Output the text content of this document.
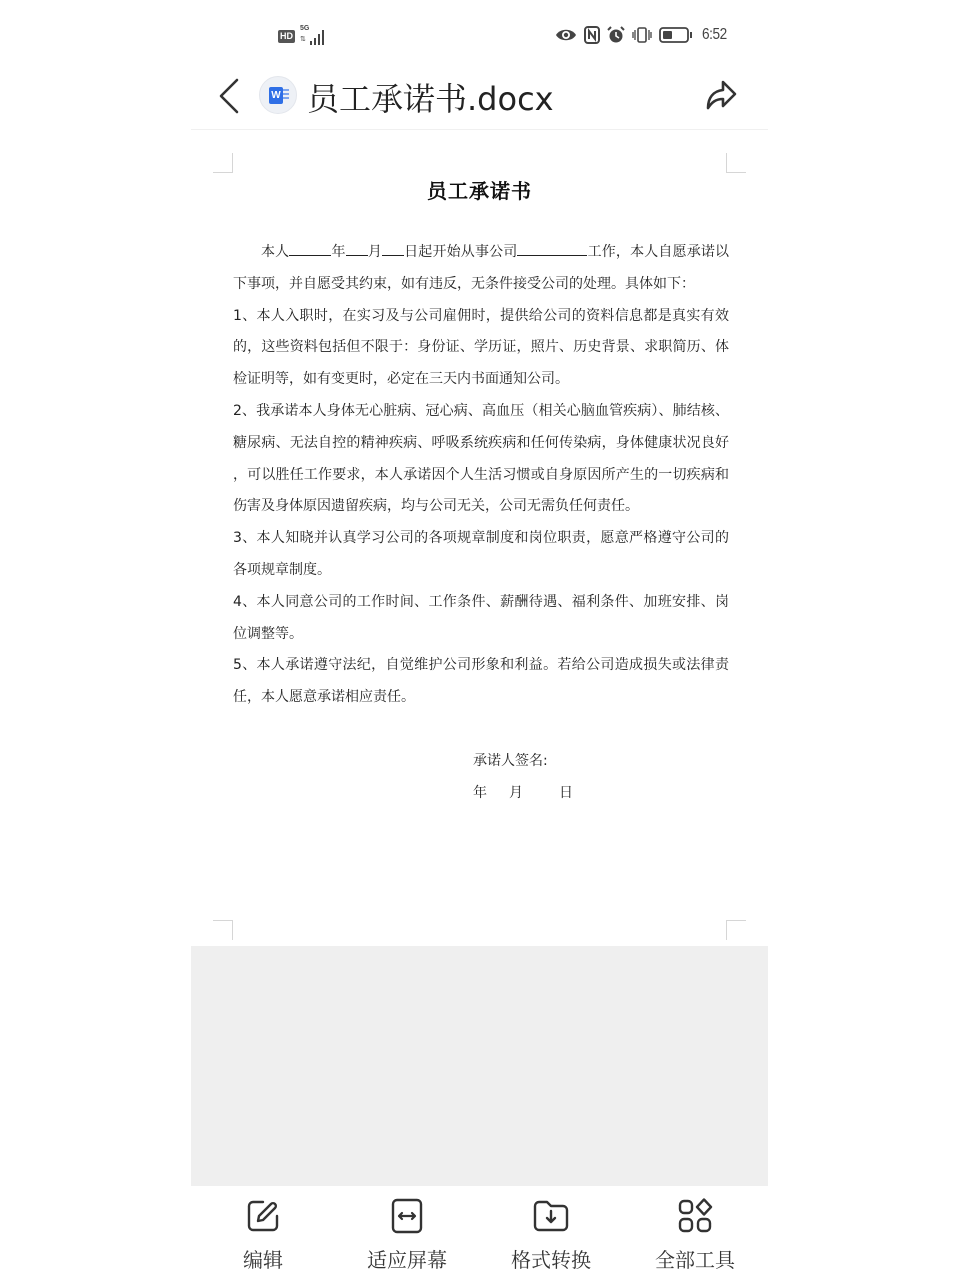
HD
5G
⇅	6:52
W 员工承诺书.docx
员工承诺书

本人	年 月 日起开始从事公司	工作，本人自愿承诺以下事项，并自愿受其约束，如有违反，无条件接受公司的处理。具体如下：

1、本人入职时，在实习及与公司雇佣时，提供给公司的资料信息都是真实有效的，这些资料包括但不限于：身份证、学历证，照片、历史背景、求职简历、体检证明等，如有变更时，必定在三天内书面通知公司。

2、我承诺本人身体无心脏病、冠心病、高血压（相关心脑血管疾病）、肺结核、糖尿病、无法自控的精神疾病、呼吸系统疾病和任何传染病，身体健康状况良好 ，可以胜任工作要求，本人承诺因个人生活习惯或自身原因所产生的一切疾病和伤害及身体原因遗留疾病，均与公司无关，公司无需负任何责任。

3、本人知晓并认真学习公司的各项规章制度和岗位职责，愿意严格遵守公司的各项规章制度。

4、本人同意公司的工作时间、工作条件、薪酬待遇、福利条件、加班安排、岗位调整等。

5、本人承诺遵守法纪，自觉维护公司形象和利益。若给公司造成损失或法律责任，本人愿意承诺相应责任。

承诺人签名:
年 月	日
编辑	适应屏幕	格式转换	全部工具
